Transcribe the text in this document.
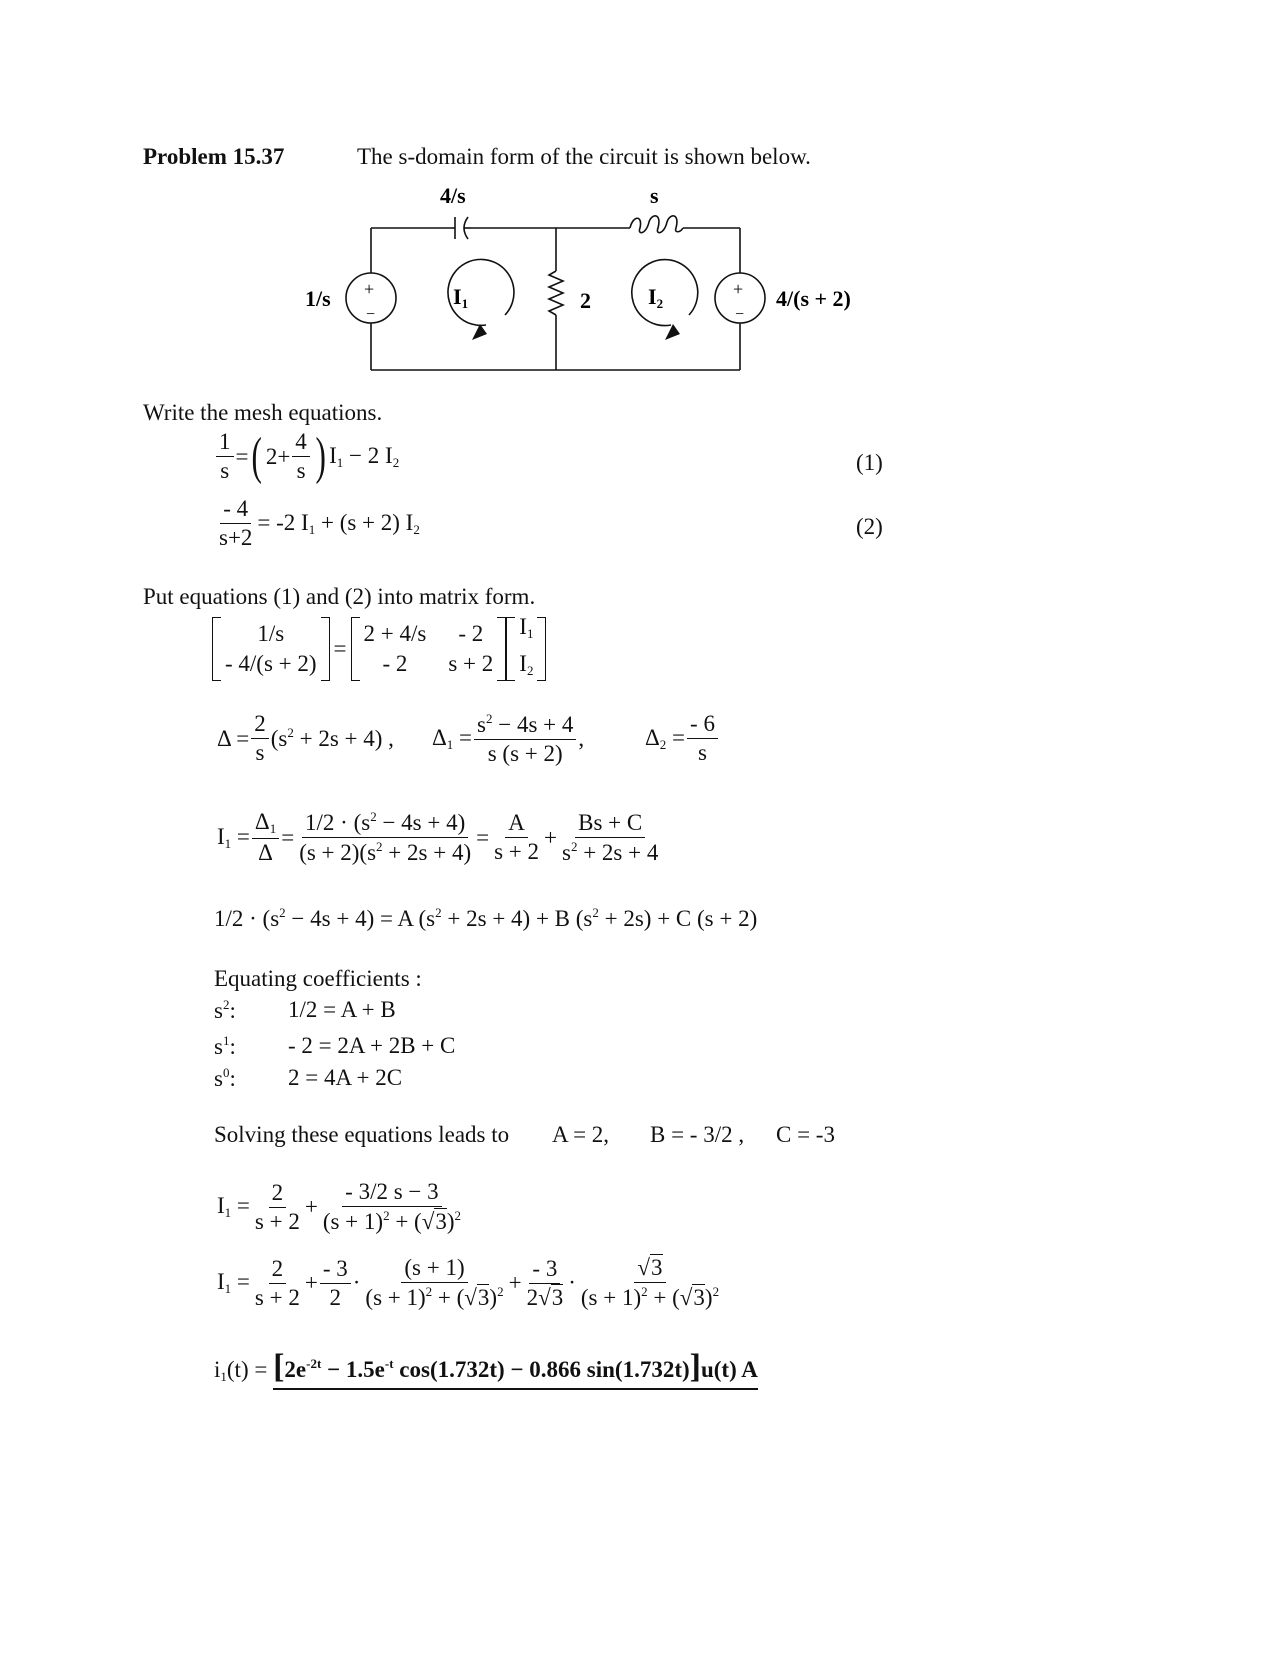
Problem 15.37	The s-domain form of the circuit is shown below.
+
−
+
−
4/s	s
1/s	4/(s + 2)
2
I1	I2
Write the mesh equations.
$\frac{1}{s}$ = ( $2+ \frac{4}{s}$ ) $I_1 - 2$ $I_2$	(1)
$\frac{- 4}{s+2} = -2$ $I_1 + (s + 2)$ $I_2$	(2)
Put equations (1) and (2) into matrix form.
1/s
- 4/(s + 2)
=
2 + 4/s	- 2
- 2	s + 2
$I_1$
$I_2$
$\Delta = \frac{2}{s} (s^2 + 2s + 4)$ , $\Delta_1 = \frac{s^2 - 4s + 4}{s (s + 2)}$ ,	$\Delta_2 = \frac{- 6}{s}$
$I_1 = \frac{\Delta_1}{\Delta} = \frac{1/2 \cdot (s^2 - 4s + 4)}{(s + 2)(s^2 + 2s + 4)} = \frac{A}{s + 2} + \frac{Bs + C}{s^2 + 2s + 4}$
$1/2 \cdot (s^2 - 4s + 4) = A$ $(s^2 + 2s + 4) + B$ $(s^2 + 2s) + C$ (s + 2)
Equating coefficients :
$s^2$: 1/2 = A + B
$s^1$: - 2 = 2A + 2B + C
$s^0$: 2 = 4A + 2C
Solving these equations leads to A = 2, B = - 3/2 , C = -3
$I_1 = \frac{2}{s + 2} + \frac{- 3/2 s - 3}{(s + 1)^2 + (√3)^2}$
$I_1 = \frac{2}{s + 2} + \frac{- 3}{2} \cdot \frac{(s + 1)}{(s + 1)^2 + (√3)^2} + \frac{- 3}{2√3} \cdot \frac{√3}{(s + 1)^2 + (√3)^2}$
$i_1(t) = [2e^{-2t} - 1.5e^{-t}$ cos(1.732t) − 0.866 sin(1.732t)]u(t) A
